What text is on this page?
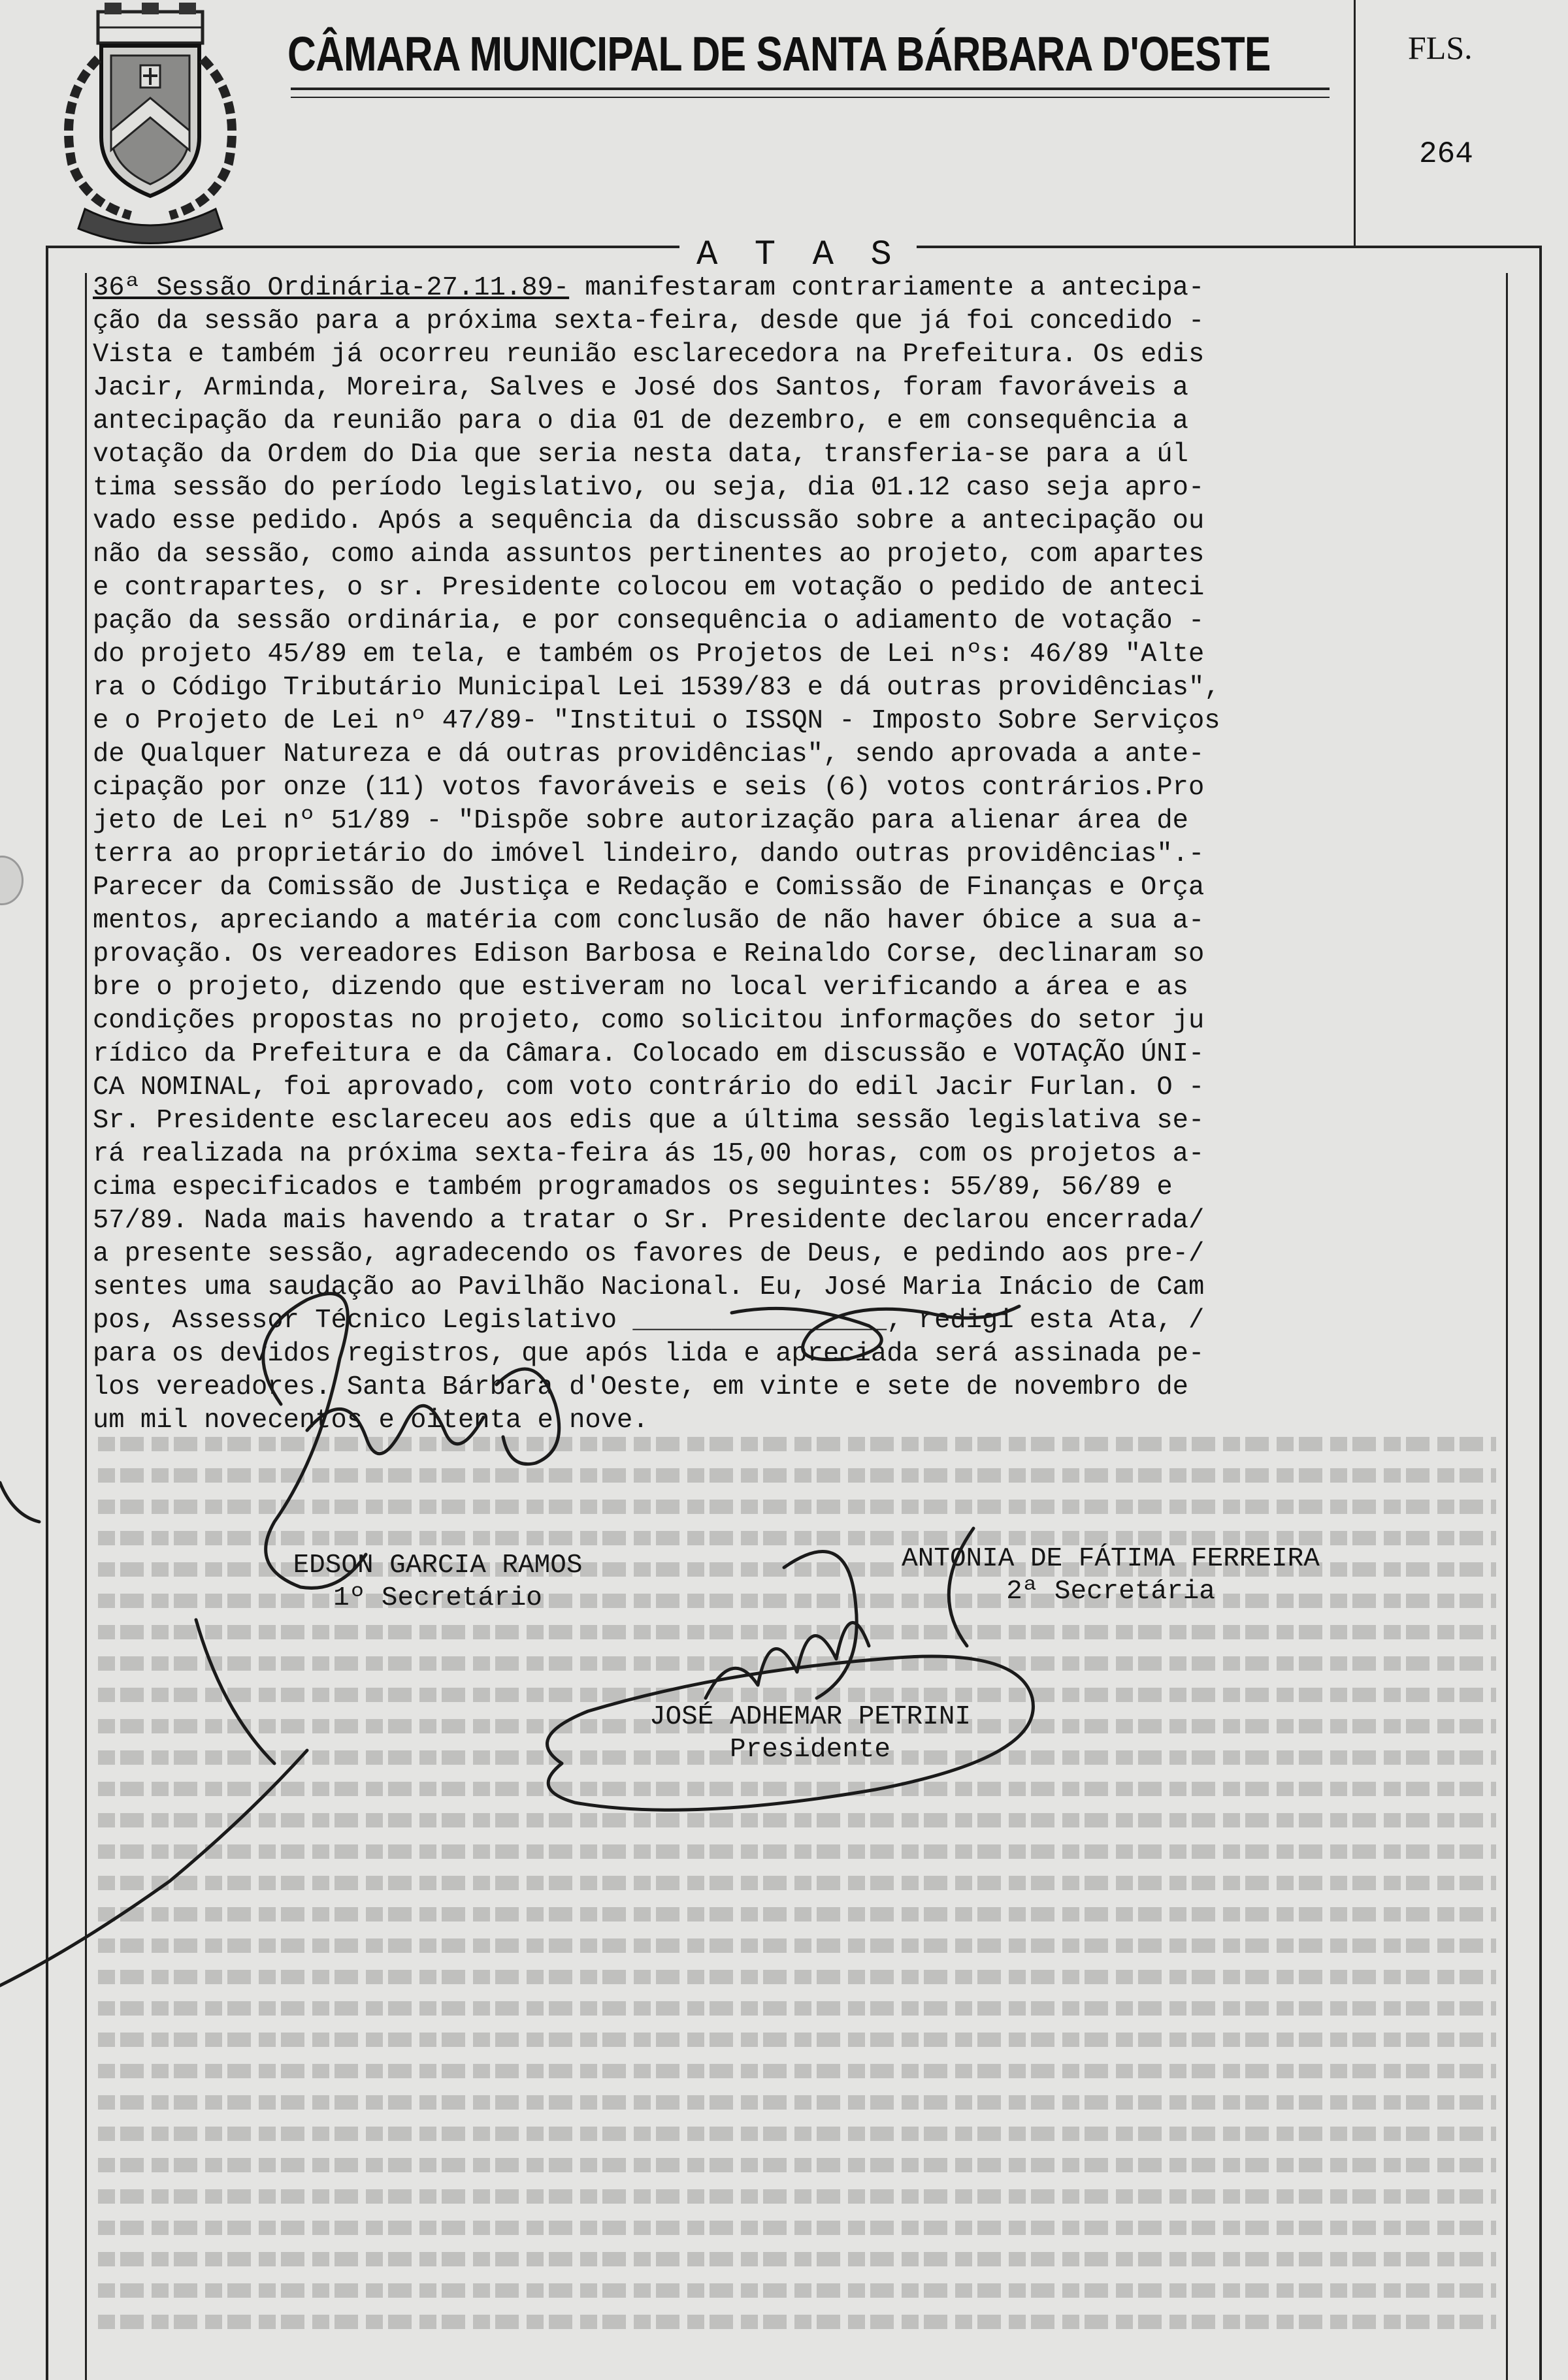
CÂMARA MUNICIPAL DE SANTA BÁRBARA D'OESTE	FLS.
264
A T A S
36ª Sessão Ordinária-27.11.89- manifestaram contrariamente a antecipa-
ção da sessão para a próxima sexta-feira, desde que já foi concedido -
Vista e também já ocorreu reunião esclarecedora na Prefeitura. Os edis
Jacir, Arminda, Moreira, Salves e José dos Santos, foram favoráveis a
antecipação da reunião para o dia 01 de dezembro, e em consequência a
votação da Ordem do Dia que seria nesta data, transferia-se para a úl
tima sessão do período legislativo, ou seja, dia 01.12 caso seja apro-
vado esse pedido. Após a sequência da discussão sobre a antecipação ou
não da sessão, como ainda assuntos pertinentes ao projeto, com apartes
e contrapartes, o sr. Presidente colocou em votação o pedido de anteci
pação da sessão ordinária, e por consequência o adiamento de votação -
do projeto 45/89 em tela, e também os Projetos de Lei nºs: 46/89 "Alte
ra o Código Tributário Municipal Lei 1539/83 e dá outras providências",
e o Projeto de Lei nº 47/89- "Institui o ISSQN - Imposto Sobre Serviços
de Qualquer Natureza e dá outras providências", sendo aprovada a ante-
cipação por onze (11) votos favoráveis e seis (6) votos contrários.Pro
jeto de Lei nº 51/89 - "Dispõe sobre autorização para alienar área de
terra ao proprietário do imóvel lindeiro, dando outras providências".-
Parecer da Comissão de Justiça e Redação e Comissão de Finanças e Orça
mentos, apreciando a matéria com conclusão de não haver óbice a sua a-
provação. Os vereadores Edison Barbosa e Reinaldo Corse, declinaram so
bre o projeto, dizendo que estiveram no local verificando a área e as
condições propostas no projeto, como solicitou informações do setor ju
rídico da Prefeitura e da Câmara. Colocado em discussão e VOTAÇÃO ÚNI-
CA NOMINAL, foi aprovado, com voto contrário do edil Jacir Furlan. O -
Sr. Presidente esclareceu aos edis que a última sessão legislativa se-
rá realizada na próxima sexta-feira ás 15,00 horas, com os projetos a-
cima especificados e também programados os seguintes: 55/89, 56/89 e
57/89. Nada mais havendo a tratar o Sr. Presidente declarou encerrada/
a presente sessão, agradecendo os favores de Deus, e pedindo aos pre-/
sentes uma saudação ao Pavilhão Nacional. Eu, José Maria Inácio de Cam
pos, Assessor Técnico Legislativo ________________, redigi esta Ata, /
para os devidos registros, que após lida e apreciada será assinada pe-
los vereadores. Santa Bárbara d'Oeste, em vinte e sete de novembro de
um mil novecentos e oitenta e nove.
EDSON GARCIA RAMOS
1º Secretário
ANTONIA DE FÁTIMA FERREIRA
2ª Secretária
JOSÉ ADHEMAR PETRINI
Presidente
